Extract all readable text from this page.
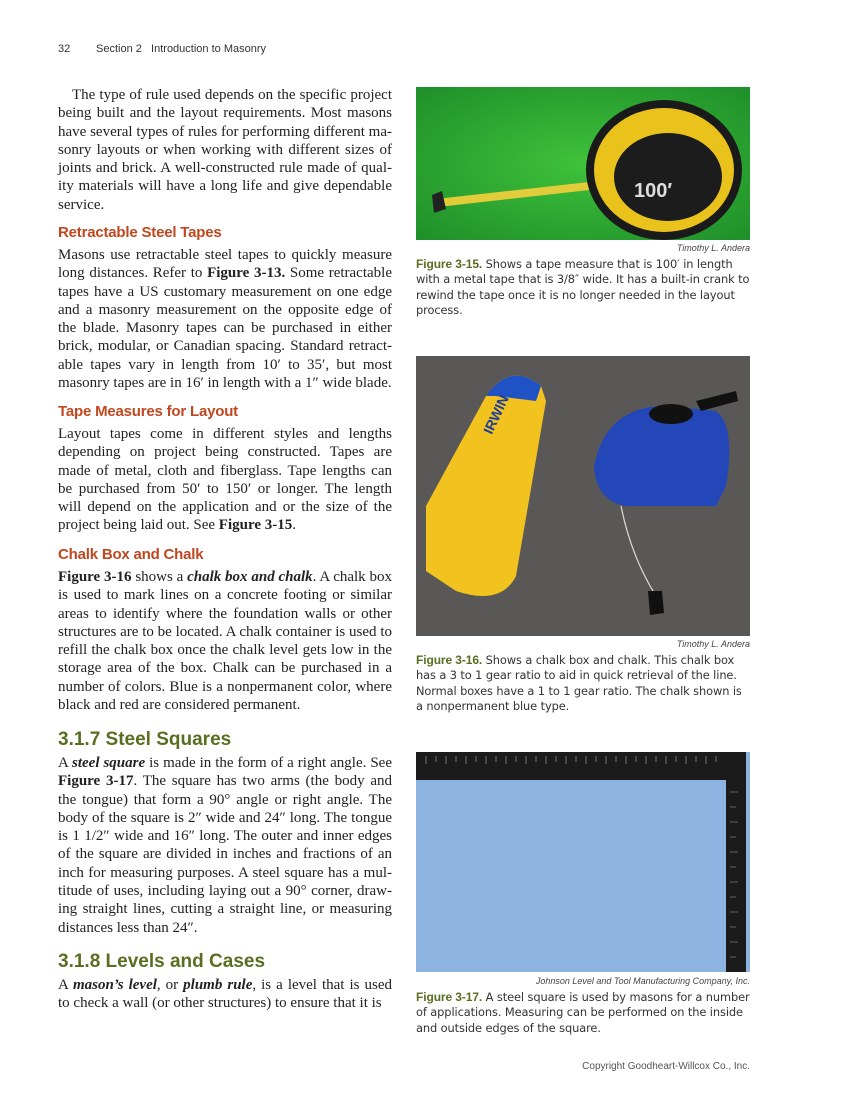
32 Section 2 Introduction to Masonry

The type of rule used depends on the specific project being built and the layout requirements. Most masons have several types of rules for performing different masonry layouts or when working with different sizes of joints and brick. A well-constructed rule made of quality materials will have a long life and give dependable service.

Retractable Steel Tapes

Masons use retractable steel tapes to quickly measure long distances. Refer to Figure 3-13. Some retractable tapes have a US customary measurement on one edge and a masonry measurement on the opposite edge of the blade. Masonry tapes can be purchased in either brick, modular, or Canadian spacing. Standard retractable tapes vary in length from 10′ to 35′, but most masonry tapes are in 16′ in length with a 1″ wide blade.

Tape Measures for Layout

Layout tapes come in different styles and lengths depending on project being constructed. Tapes are made of metal, cloth and fiberglass. Tape lengths can be purchased from 50′ to 150′ or longer. The length will depend on the application and or the size of the project being laid out. See Figure 3-15.

Chalk Box and Chalk

Figure 3-16 shows a chalk box and chalk. A chalk box is used to mark lines on a concrete footing or similar areas to identify where the foundation walls or other structures are to be located. A chalk container is used to refill the chalk box once the chalk level gets low in the storage area of the box. Chalk can be purchased in a number of colors. Blue is a nonpermanent color, where black and red are considered permanent.

3.1.7 Steel Squares

A steel square is made in the form of a right angle. See Figure 3-17. The square has two arms (the body and the tongue) that form a 90° angle or right angle. The body of the square is 2″ wide and 24″ long. The tongue is 1 1/2″ wide and 16″ long. The outer and inner edges of the square are divided in inches and fractions of an inch for measuring purposes. A steel square has a multitude of uses, including laying out a 90° corner, drawing straight lines, cutting a straight line, or measuring distances less than 24″.

3.1.8 Levels and Cases

A mason’s level, or plumb rule, is a level that is used to check a wall (or other structures) to ensure that it is

100′
Timothy L. Andera
Figure 3-15. Shows a tape measure that is 100′ in length with a metal tape that is 3/8″ wide. It has a built-in crank to rewind the tape once it is no longer needed in the layout process.
IRWIN
Timothy L. Andera
Figure 3-16. Shows a chalk box and chalk. This chalk box has a 3 to 1 gear ratio to aid in quick retrieval of the line. Normal boxes have a 1 to 1 gear ratio. The chalk shown is a nonpermanent blue type.
Johnson Level and Tool Manufacturing Company, Inc.
Figure 3-17. A steel square is used by masons for a number of applications. Measuring can be performed on the inside and outside edges of the square.
Copyright Goodheart-Willcox Co., Inc.
